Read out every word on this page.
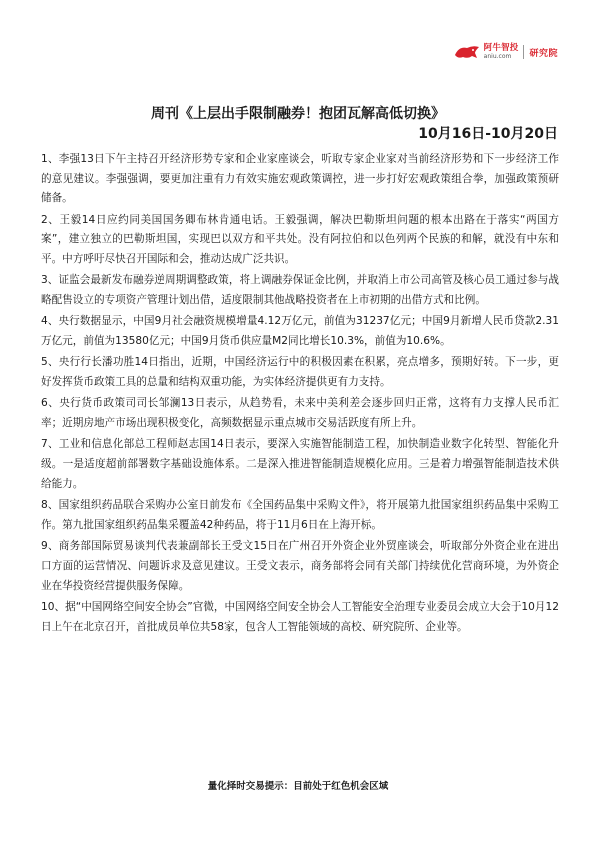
阿牛智投
aniu.com	研究院
周刊《上层出手限制融券！抱团瓦解高低切换》
10月16日-10月20日
1、李强13日下午主持召开经济形势专家和企业家座谈会，听取专家企业家对当前经济形势和下一步经济工作的意见建议。李强强调，要更加注重有力有效实施宏观政策调控，进一步打好宏观政策组合拳，加强政策预研储备。
2、王毅14日应约同美国国务卿布林肯通电话。王毅强调，解决巴勒斯坦问题的根本出路在于落实“两国方案”，建立独立的巴勒斯坦国，实现巴以双方和平共处。没有阿拉伯和以色列两个民族的和解，就没有中东和平。中方呼吁尽快召开国际和会，推动达成广泛共识。
3、证监会最新发布融券逆周期调整政策，将上调融券保证金比例，并取消上市公司高管及核心员工通过参与战略配售设立的专项资产管理计划出借，适度限制其他战略投资者在上市初期的出借方式和比例。
4、央行数据显示，中国9月社会融资规模增量4.12万亿元，前值为31237亿元；中国9月新增人民币贷款2.31万亿元，前值为13580亿元；中国9月货币供应量M2同比增长10.3%，前值为10.6%。
5、央行行长潘功胜14日指出，近期，中国经济运行中的积极因素在积累，亮点增多，预期好转。下一步，更好发挥货币政策工具的总量和结构双重功能，为实体经济提供更有力支持。
6、央行货币政策司司长邹澜13日表示，从趋势看，未来中美利差会逐步回归正常，这将有力支撑人民币汇率；近期房地产市场出现积极变化，高频数据显示重点城市交易活跃度有所上升。
7、工业和信息化部总工程师赵志国14日表示，要深入实施智能制造工程，加快制造业数字化转型、智能化升级。一是适度超前部署数字基础设施体系。二是深入推进智能制造规模化应用。三是着力增强智能制造技术供给能力。
8、国家组织药品联合采购办公室日前发布《全国药品集中采购文件》，将开展第九批国家组织药品集中采购工作。第九批国家组织药品集采覆盖42种药品，将于11月6日在上海开标。
9、商务部国际贸易谈判代表兼副部长王受文15日在广州召开外资企业外贸座谈会，听取部分外资企业在进出口方面的运营情况、问题诉求及意见建议。王受文表示，商务部将会同有关部门持续优化营商环境，为外资企业在华投资经营提供服务保障。
10、据“中国网络空间安全协会”官微，中国网络空间安全协会人工智能安全治理专业委员会成立大会于10月12日上午在北京召开，首批成员单位共58家，包含人工智能领域的高校、研究院所、企业等。
量化择时交易提示：目前处于红色机会区域
